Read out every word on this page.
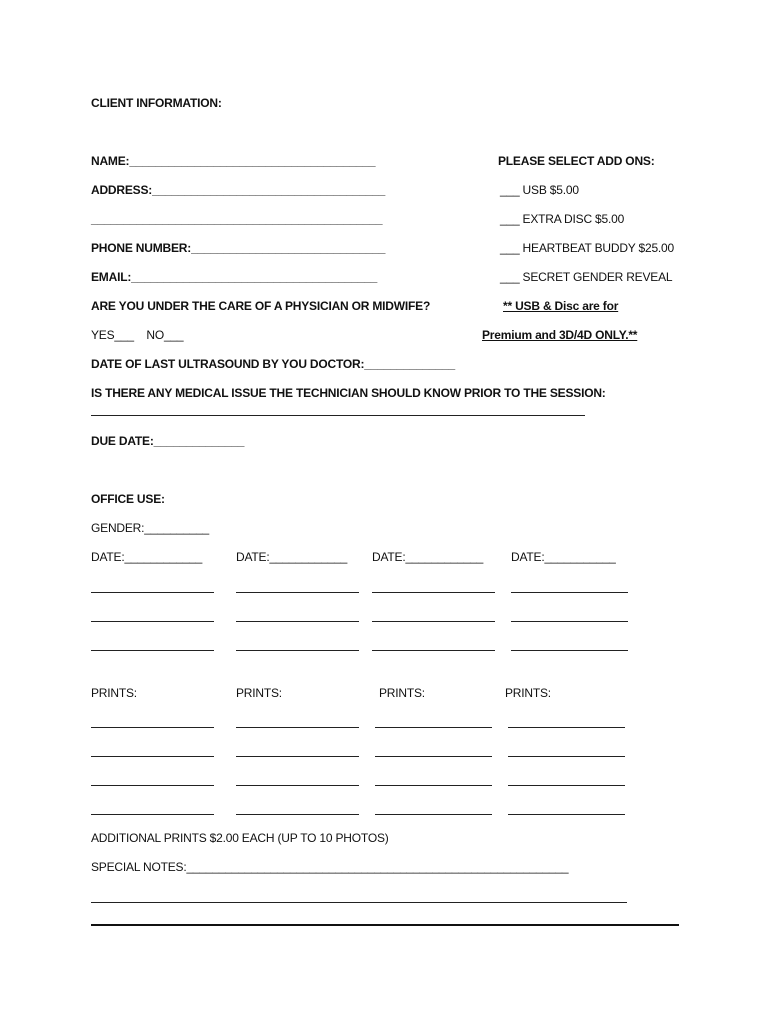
CLIENT INFORMATION:
NAME:______________________________________
ADDRESS:____________________________________
_____________________________________________
PHONE NUMBER:______________________________
EMAIL:______________________________________
ARE YOU UNDER THE CARE OF A PHYSICIAN OR MIDWIFE?
YES___    NO___
DATE OF LAST ULTRASOUND BY YOU DOCTOR:______________
IS THERE ANY MEDICAL ISSUE THE TECHNICIAN SHOULD KNOW PRIOR TO THE SESSION:
DUE DATE:______________
PLEASE SELECT ADD ONS:
___ USB $5.00
___ EXTRA DISC $5.00
___ HEARTBEAT BUDDY $25.00
___ SECRET GENDER REVEAL
** USB & Disc are for
Premium and 3D/4D ONLY.**
OFFICE USE:
GENDER:__________
DATE:____________	DATE:____________ DATE:____________ DATE:___________
PRINTS:	PRINTS:	PRINTS:	PRINTS:
ADDITIONAL PRINTS $2.00 EACH (UP TO 10 PHOTOS)
SPECIAL NOTES:___________________________________________________________
